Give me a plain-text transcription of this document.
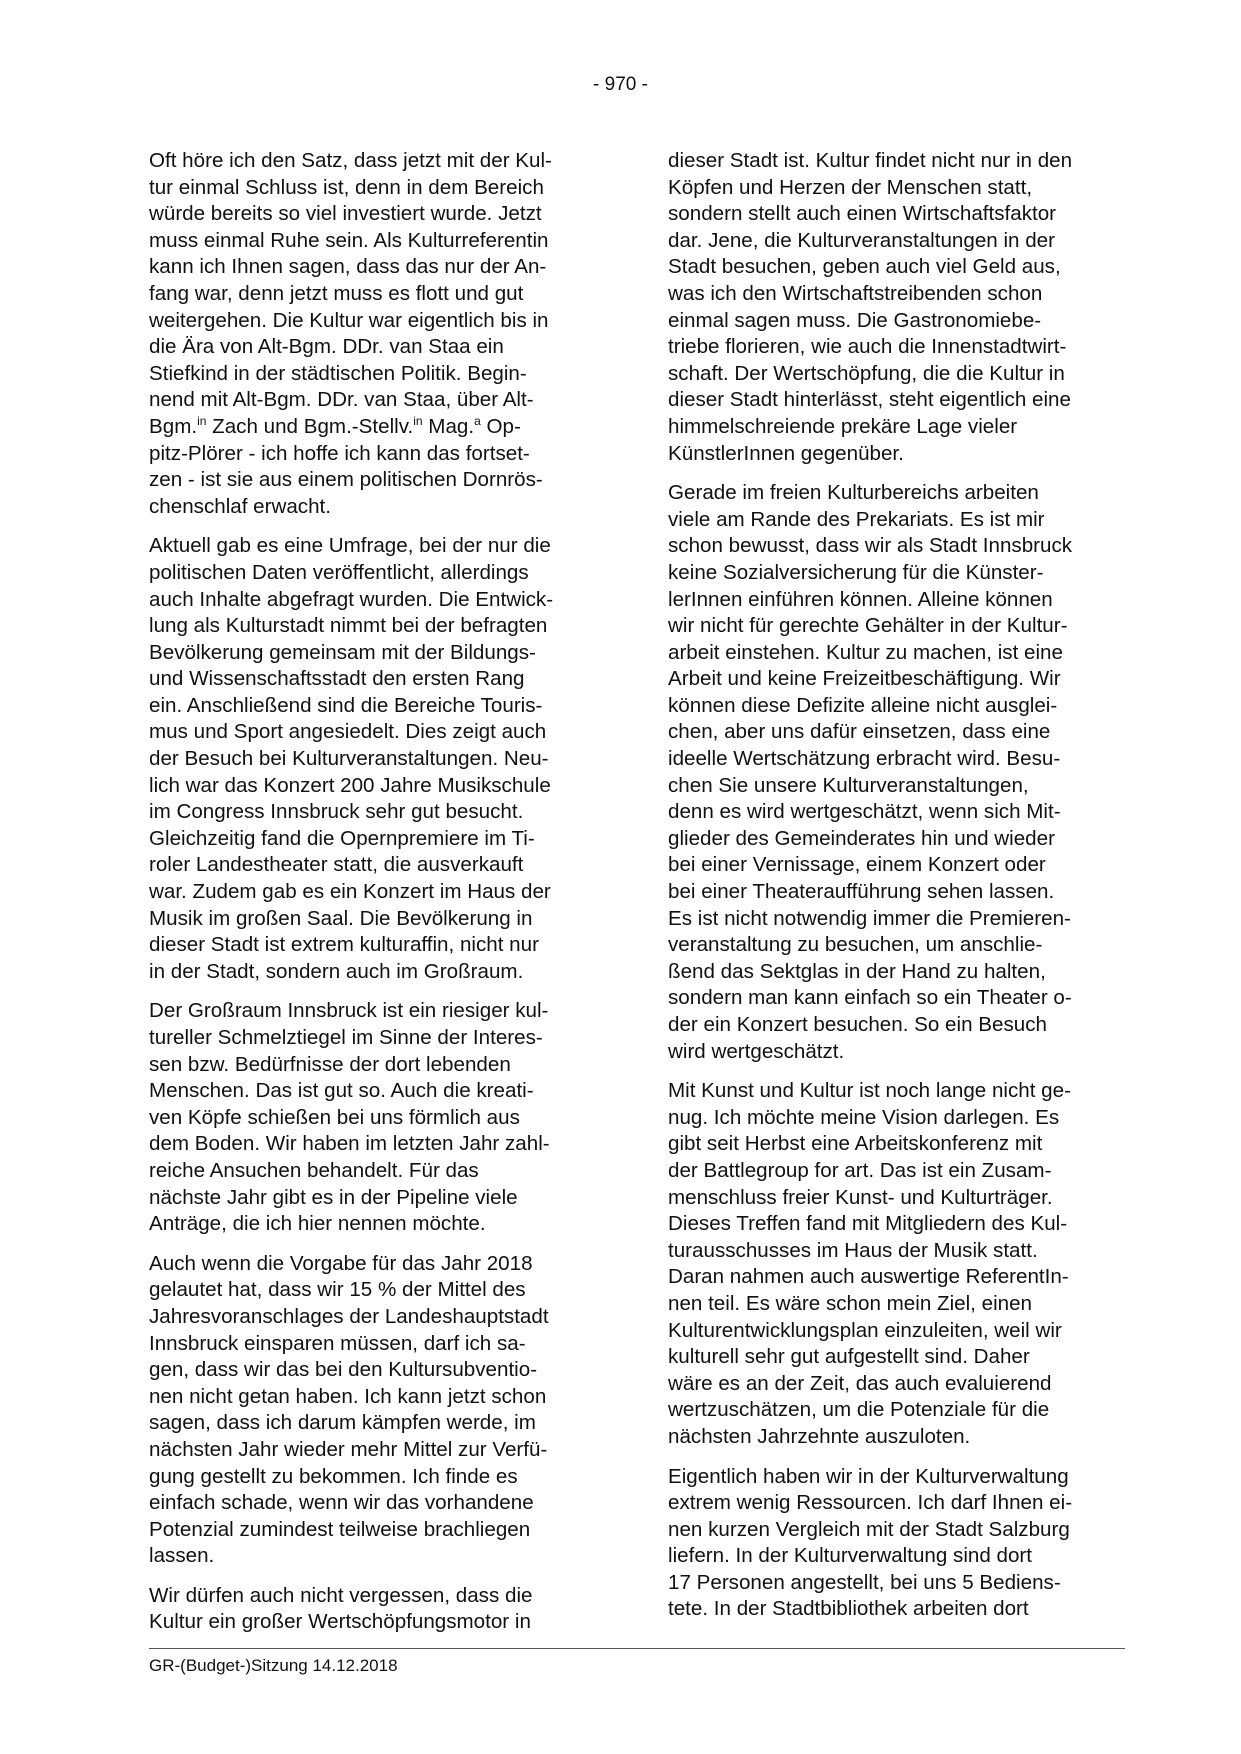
- 970 -

Oft höre ich den Satz, dass jetzt mit der Kul-
tur einmal Schluss ist, denn in dem Bereich
würde bereits so viel investiert wurde. Jetzt
muss einmal Ruhe sein. Als Kulturreferentin
kann ich Ihnen sagen, dass das nur der An-
fang war, denn jetzt muss es flott und gut
weitergehen. Die Kultur war eigentlich bis in
die Ära von Alt-Bgm. DDr. van Staa ein
Stiefkind in der städtischen Politik. Begin-
nend mit Alt-Bgm. DDr. van Staa, über Alt-
Bgm.$^{in}$ Zach und Bgm.-Stellv.$^{in}$ Mag.$^a$ Op-
pitz-Plörer - ich hoffe ich kann das fortset-
zen - ist sie aus einem politischen Dornrös-
chenschlaf erwacht.

Aktuell gab es eine Umfrage, bei der nur die
politischen Daten veröffentlicht, allerdings
auch Inhalte abgefragt wurden. Die Entwick-
lung als Kulturstadt nimmt bei der befragten
Bevölkerung gemeinsam mit der Bildungs-
und Wissenschaftsstadt den ersten Rang
ein. Anschließend sind die Bereiche Touris-
mus und Sport angesiedelt. Dies zeigt auch
der Besuch bei Kulturveranstaltungen. Neu-
lich war das Konzert 200 Jahre Musikschule
im Congress Innsbruck sehr gut besucht.
Gleichzeitig fand die Opernpremiere im Ti-
roler Landestheater statt, die ausverkauft
war. Zudem gab es ein Konzert im Haus der
Musik im großen Saal. Die Bevölkerung in
dieser Stadt ist extrem kulturaffin, nicht nur
in der Stadt, sondern auch im Großraum.

Der Großraum Innsbruck ist ein riesiger kul-
tureller Schmelztiegel im Sinne der Interes-
sen bzw. Bedürfnisse der dort lebenden
Menschen. Das ist gut so. Auch die kreati-
ven Köpfe schießen bei uns förmlich aus
dem Boden. Wir haben im letzten Jahr zahl-
reiche Ansuchen behandelt. Für das
nächste Jahr gibt es in der Pipeline viele
Anträge, die ich hier nennen möchte.

Auch wenn die Vorgabe für das Jahr 2018
gelautet hat, dass wir 15 % der Mittel des
Jahresvoranschlages der Landeshauptstadt
Innsbruck einsparen müssen, darf ich sa-
gen, dass wir das bei den Kultursubventio-
nen nicht getan haben. Ich kann jetzt schon
sagen, dass ich darum kämpfen werde, im
nächsten Jahr wieder mehr Mittel zur Verfü-
gung gestellt zu bekommen. Ich finde es
einfach schade, wenn wir das vorhandene
Potenzial zumindest teilweise brachliegen
lassen.

Wir dürfen auch nicht vergessen, dass die
Kultur ein großer Wertschöpfungsmotor in

dieser Stadt ist. Kultur findet nicht nur in den
Köpfen und Herzen der Menschen statt,
sondern stellt auch einen Wirtschaftsfaktor
dar. Jene, die Kulturveranstaltungen in der
Stadt besuchen, geben auch viel Geld aus,
was ich den Wirtschaftstreibenden schon
einmal sagen muss. Die Gastronomiebe-
triebe florieren, wie auch die Innenstadtwirt-
schaft. Der Wertschöpfung, die die Kultur in
dieser Stadt hinterlässt, steht eigentlich eine
himmelschreiende prekäre Lage vieler
KünstlerInnen gegenüber.

Gerade im freien Kulturbereichs arbeiten
viele am Rande des Prekariats. Es ist mir
schon bewusst, dass wir als Stadt Innsbruck
keine Sozialversicherung für die Künster-
lerInnen einführen können. Alleine können
wir nicht für gerechte Gehälter in der Kultur-
arbeit einstehen. Kultur zu machen, ist eine
Arbeit und keine Freizeitbeschäftigung. Wir
können diese Defizite alleine nicht ausglei-
chen, aber uns dafür einsetzen, dass eine
ideelle Wertschätzung erbracht wird. Besu-
chen Sie unsere Kulturveranstaltungen,
denn es wird wertgeschätzt, wenn sich Mit-
glieder des Gemeinderates hin und wieder
bei einer Vernissage, einem Konzert oder
bei einer Theateraufführung sehen lassen.
Es ist nicht notwendig immer die Premieren-
veranstaltung zu besuchen, um anschlie-
ßend das Sektglas in der Hand zu halten,
sondern man kann einfach so ein Theater o-
der ein Konzert besuchen. So ein Besuch
wird wertgeschätzt.

Mit Kunst und Kultur ist noch lange nicht ge-
nug. Ich möchte meine Vision darlegen. Es
gibt seit Herbst eine Arbeitskonferenz mit
der Battlegroup for art. Das ist ein Zusam-
menschluss freier Kunst- und Kulturträger.
Dieses Treffen fand mit Mitgliedern des Kul-
turausschusses im Haus der Musik statt.
Daran nahmen auch auswertige ReferentIn-
nen teil. Es wäre schon mein Ziel, einen
Kulturentwicklungsplan einzuleiten, weil wir
kulturell sehr gut aufgestellt sind. Daher
wäre es an der Zeit, das auch evaluierend
wertzuschätzen, um die Potenziale für die
nächsten Jahrzehnte auszuloten.

Eigentlich haben wir in der Kulturverwaltung
extrem wenig Ressourcen. Ich darf Ihnen ei-
nen kurzen Vergleich mit der Stadt Salzburg
liefern. In der Kulturverwaltung sind dort
17 Personen angestellt, bei uns 5 Bediens-
tete. In der Stadtbibliothek arbeiten dort

GR-(Budget-)Sitzung 14.12.2018
